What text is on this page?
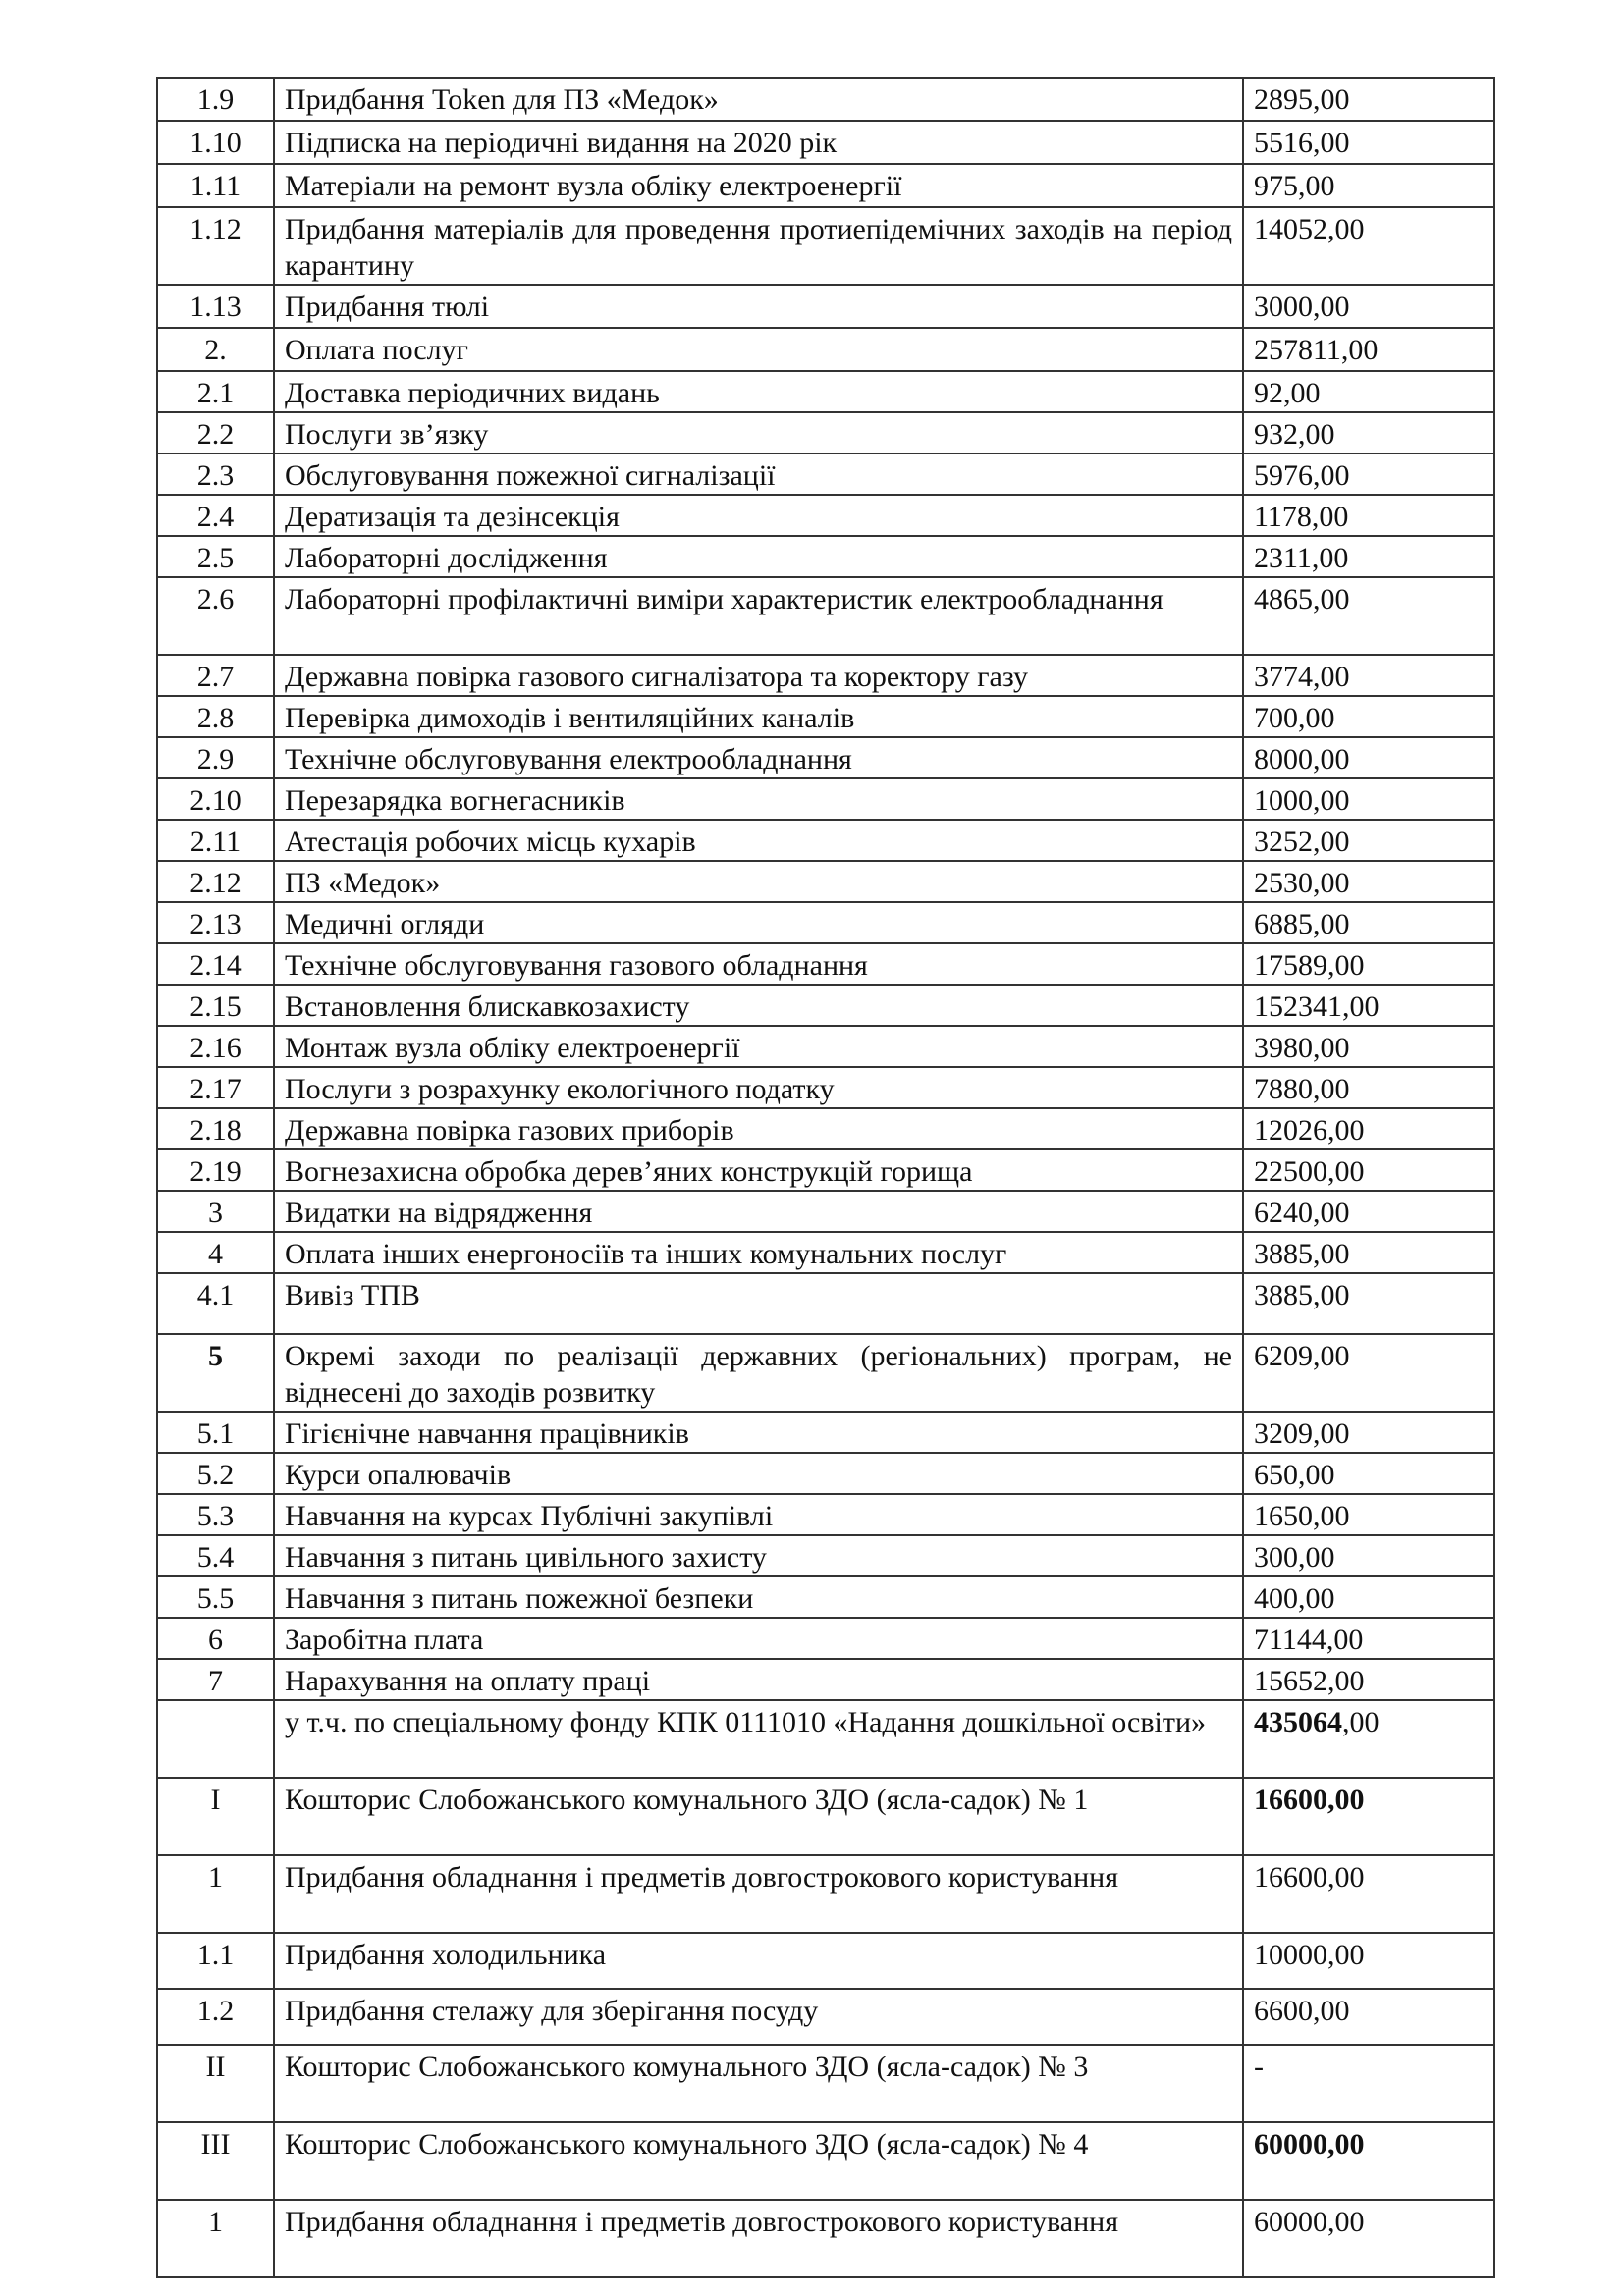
1.9	Придбання Token для ПЗ «Медок»	2895,00
1.10	Підписка на періодичні видання на 2020 рік	5516,00
1.11	Матеріали на ремонт вузла обліку електроенергії	975,00
1.12	Придбання матеріалів для проведення протиепідемічних заходів на період карантину	14052,00
1.13	Придбання тюлі	3000,00
2.	Оплата послуг	257811,00
2.1	Доставка періодичних видань	92,00
2.2	Послуги зв’язку	932,00
2.3	Обслуговування пожежної сигналізації	5976,00
2.4	Дератизація та дезінсекція	1178,00
2.5	Лабораторні дослідження	2311,00
2.6	Лабораторні профілактичні виміри характеристик електрообладнання	4865,00
2.7	Державна повірка газового сигналізатора та коректору газу	3774,00
2.8	Перевірка димоходів і вентиляційних каналів	700,00
2.9	Технічне обслуговування електрообладнання	8000,00
2.10	Перезарядка вогнегасників	1000,00
2.11	Атестація робочих місць кухарів	3252,00
2.12	ПЗ «Медок»	2530,00
2.13	Медичні огляди	6885,00
2.14	Технічне обслуговування газового обладнання	17589,00
2.15	Встановлення блискавкозахисту	152341,00
2.16	Монтаж вузла обліку електроенергії	3980,00
2.17	Послуги з розрахунку екологічного податку	7880,00
2.18	Державна повірка газових приборів	12026,00
2.19	Вогнезахисна обробка дерев’яних конструкцій горища	22500,00
3	Видатки на відрядження	6240,00
4	Оплата інших енергоносіїв та інших комунальних послуг	3885,00
4.1	Вивіз ТПВ	3885,00
5	Окремі заходи по реалізації державних (регіональних) програм, не віднесені до заходів розвитку	6209,00
5.1	Гігієнічне навчання працівників	3209,00
5.2	Курси опалювачів	650,00
5.3	Навчання на курсах Публічні закупівлі	1650,00
5.4	Навчання з питань цивільного захисту	300,00
5.5	Навчання з питань пожежної безпеки	400,00
6	Заробітна плата	71144,00
7	Нарахування на оплату праці	15652,00
	у т.ч. по спеціальному фонду КПК 0111010 «Надання дошкільної освіти»	435064,00
I	Кошторис Слобожанського комунального ЗДО (ясла-садок) № 1	16600,00
1	Придбання обладнання і предметів довгострокового користування	16600,00
1.1	Придбання холодильника	10000,00
1.2	Придбання стелажу для зберігання посуду	6600,00
II	Кошторис Слобожанського комунального ЗДО (ясла-садок) № 3	-
III	Кошторис Слобожанського комунального ЗДО (ясла-садок) № 4	60000,00
1	Придбання обладнання і предметів довгострокового користування	60000,00
